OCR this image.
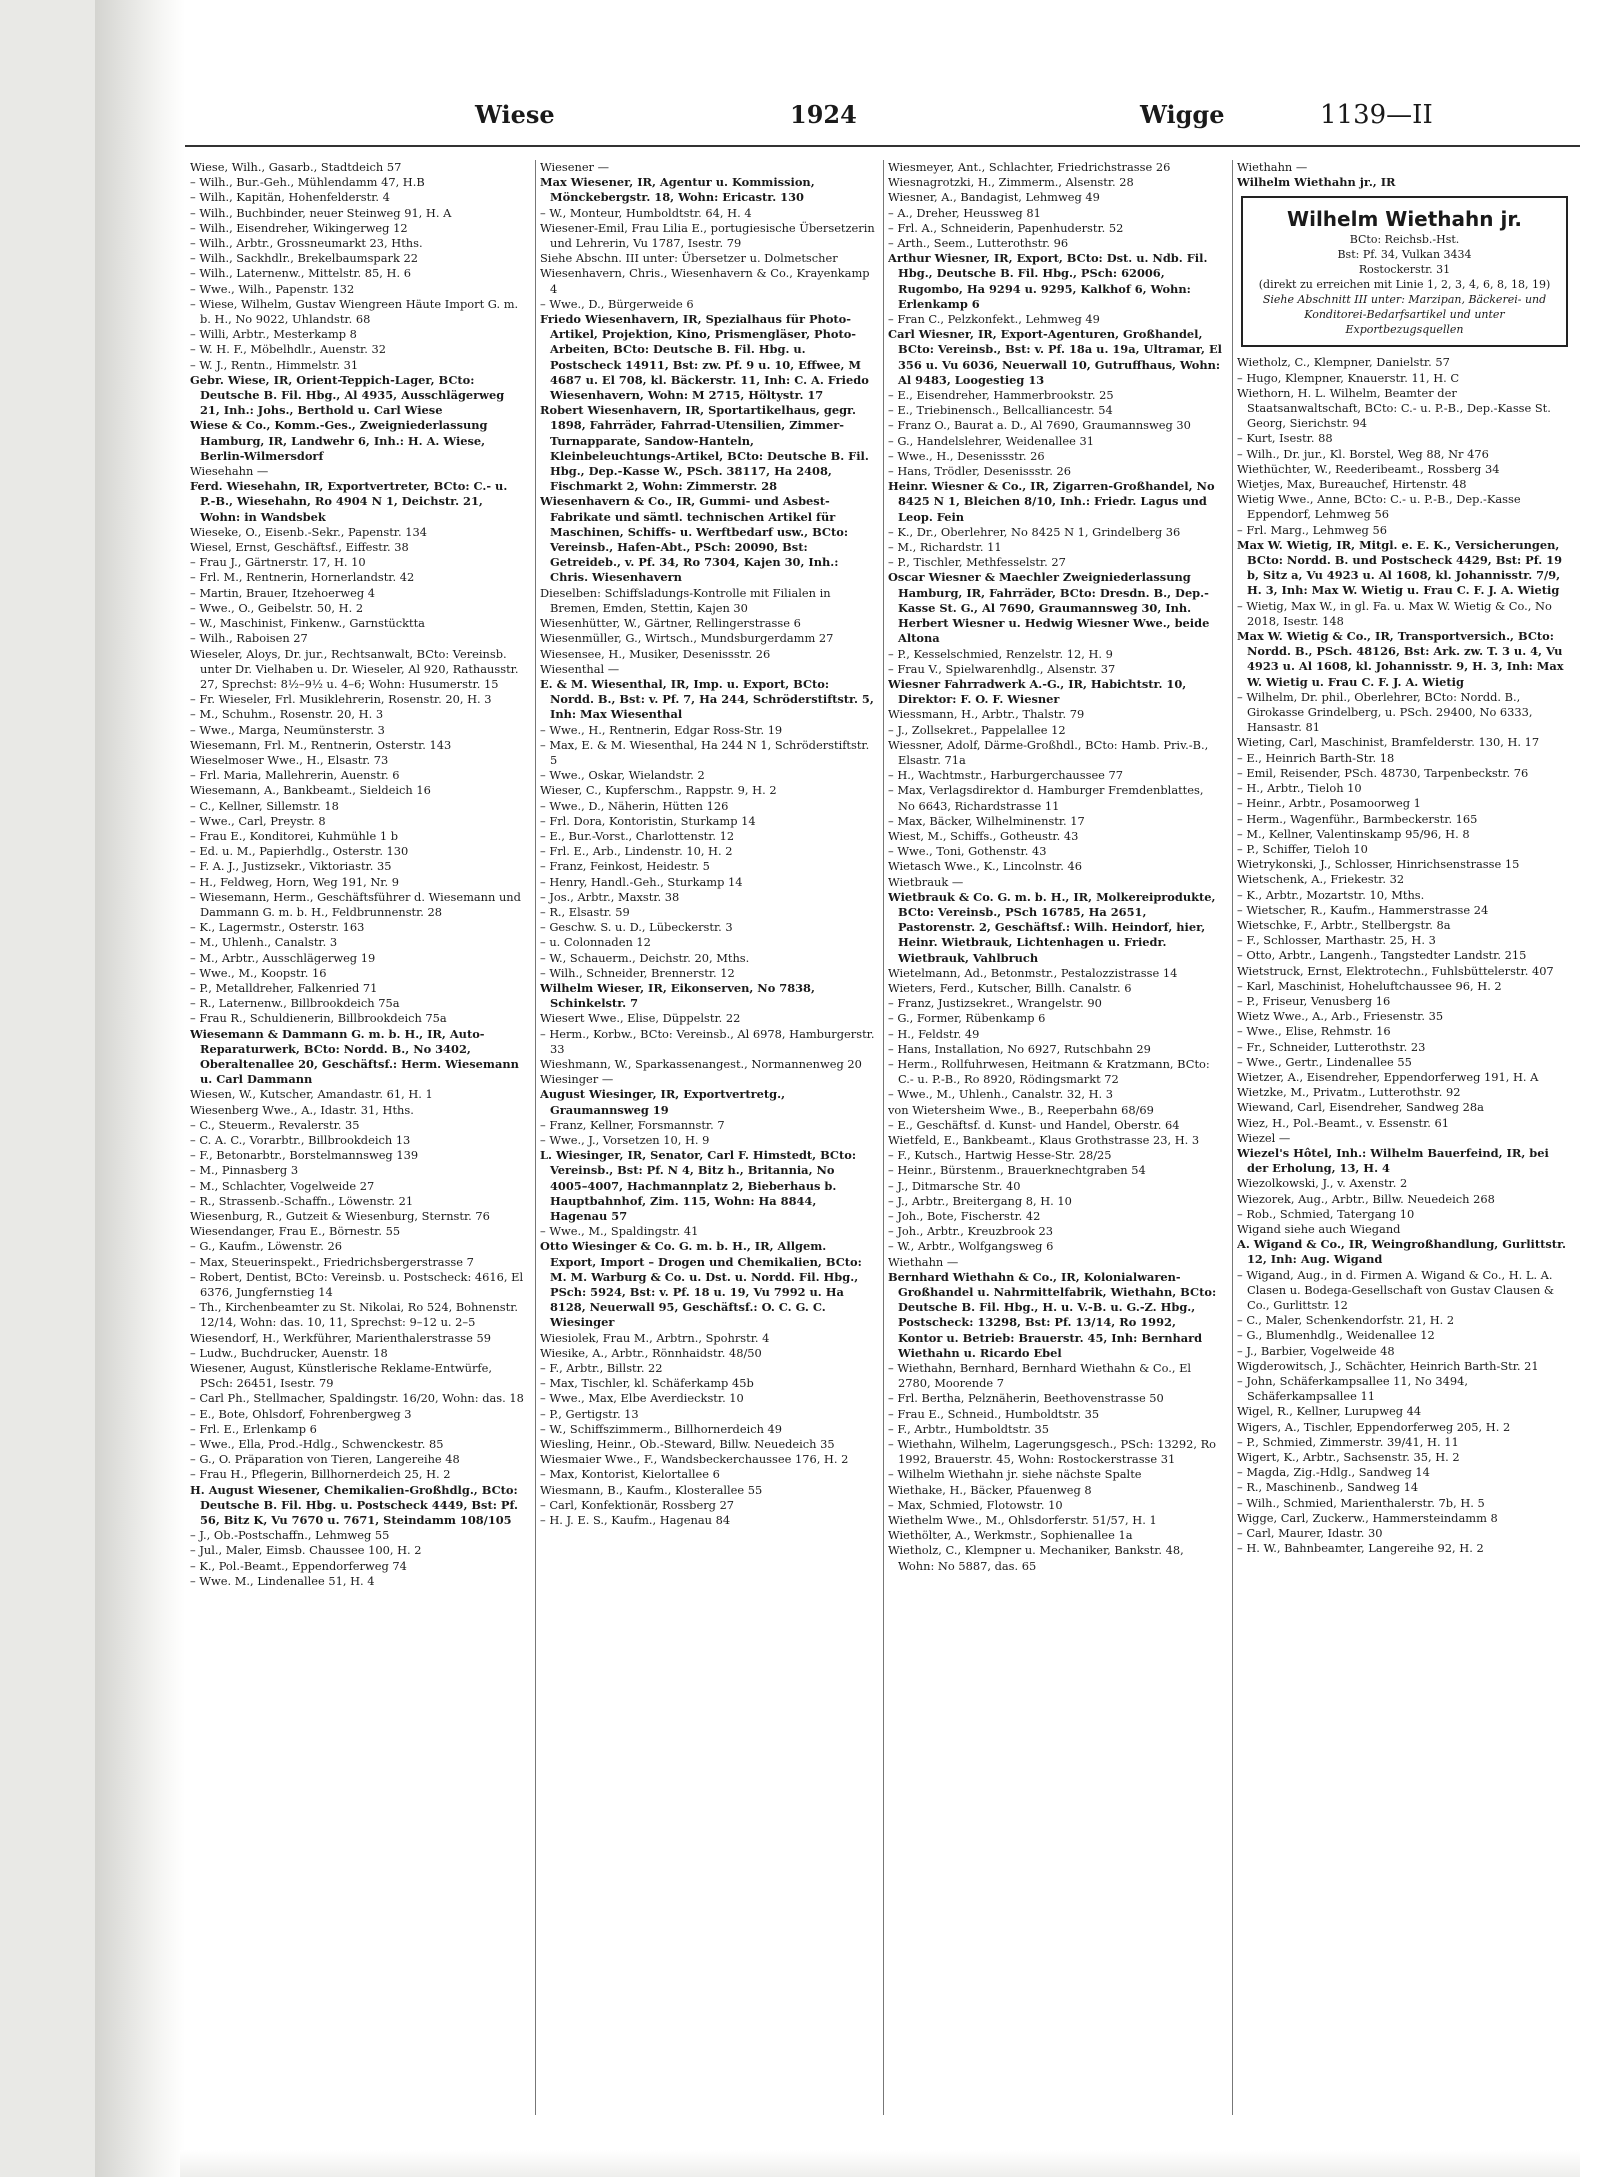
Wiese	1924	Wigge	1139—II

Wiese, Wilh., Gasarb., Stadtdeich 57

– Wilh., Bur.-Geh., Mühlendamm 47, H.B

– Wilh., Kapitän, Hohenfelderstr. 4

– Wilh., Buchbinder, neuer Steinweg 91, H. A

– Wilh., Eisendreher, Wikingerweg 12

– Wilh., Arbtr., Grossneumarkt 23, Hths.

– Wilh., Sackhdlr., Brekelbaumspark 22

– Wilh., Laternenw., Mittelstr. 85, H. 6

– Wwe., Wilh., Papenstr. 132

– Wiese, Wilhelm, Gustav Wiengreen Häute Import G. m. b. H., No 9022, Uhlandstr. 68

– Willi, Arbtr., Mesterkamp 8

– W. H. F., Möbelhdlr., Auenstr. 32

– W. J., Rentn., Himmelstr. 31

Gebr. Wiese, IR, Orient-Teppich-Lager, BCto: Deutsche B. Fil. Hbg., Al 4935, Ausschlägerweg 21, Inh.: Johs., Berthold u. Carl Wiese

Wiese & Co., Komm.-Ges., Zweigniederlassung Hamburg, IR, Landwehr 6, Inh.: H. A. Wiese, Berlin-Wilmersdorf

Wiesehahn —

Ferd. Wiesehahn, IR, Exportvertreter, BCto: C.- u. P.-B., Wiesehahn, Ro 4904 N 1, Deichstr. 21, Wohn: in Wandsbek

Wieseke, O., Eisenb.-Sekr., Papenstr. 134

Wiesel, Ernst, Geschäftsf., Eiffestr. 38

– Frau J., Gärtnerstr. 17, H. 10

– Frl. M., Rentnerin, Hornerlandstr. 42

– Martin, Brauer, Itzehoerweg 4

– Wwe., O., Geibelstr. 50, H. 2

– W., Maschinist, Finkenw., Garnstücktta

– Wilh., Raboisen 27

Wieseler, Aloys, Dr. jur., Rechtsanwalt, BCto: Vereinsb. unter Dr. Vielhaben u. Dr. Wieseler, Al 920, Rathausstr. 27, Sprechst: 8½–9½ u. 4–6; Wohn: Husumerstr. 15

– Fr. Wieseler, Frl. Musiklehrerin, Rosenstr. 20, H. 3

– M., Schuhm., Rosenstr. 20, H. 3

– Wwe., Marga, Neumünsterstr. 3

Wiesemann, Frl. M., Rentnerin, Osterstr. 143

Wieselmoser Wwe., H., Elsastr. 73

– Frl. Maria, Mallehrerin, Auenstr. 6

Wiesemann, A., Bankbeamt., Sieldeich 16

– C., Kellner, Sillemstr. 18

– Wwe., Carl, Preystr. 8

– Frau E., Konditorei, Kuhmühle 1 b

– Ed. u. M., Papierhdlg., Osterstr. 130

– F. A. J., Justizsekr., Viktoriastr. 35

– H., Feldweg, Horn, Weg 191, Nr. 9

– Wiesemann, Herm., Geschäftsführer d. Wiesemann und Dammann G. m. b. H., Feldbrunnenstr. 28

– K., Lagermstr., Osterstr. 163

– M., Uhlenh., Canalstr. 3

– M., Arbtr., Ausschlägerweg 19

– Wwe., M., Koopstr. 16

– P., Metalldreher, Falkenried 71

– R., Laternenw., Billbrookdeich 75a

– Frau R., Schuldienerin, Billbrookdeich 75a

Wiesemann & Dammann G. m. b. H., IR, Auto-Reparaturwerk, BCto: Nordd. B., No 3402, Oberaltenallee 20, Geschäftsf.: Herm. Wiesemann u. Carl Dammann

Wiesen, W., Kutscher, Amandastr. 61, H. 1

Wiesenberg Wwe., A., Idastr. 31, Hths.

– C., Steuerm., Revalerstr. 35

– C. A. C., Vorarbtr., Billbrookdeich 13

– F., Betonarbtr., Borstelmannsweg 139

– M., Pinnasberg 3

– M., Schlachter, Vogelweide 27

– R., Strassenb.-Schaffn., Löwenstr. 21

Wiesenburg, R., Gutzeit & Wiesenburg, Sternstr. 76

Wiesendanger, Frau E., Börnestr. 55

– G., Kaufm., Löwenstr. 26

– Max, Steuerinspekt., Friedrichsbergerstrasse 7

– Robert, Dentist, BCto: Vereinsb. u. Postscheck: 4616, El 6376, Jungfernstieg 14

– Th., Kirchenbeamter zu St. Nikolai, Ro 524, Bohnenstr. 12/14, Wohn: das. 10, 11, Sprechst: 9–12 u. 2–5

Wiesendorf, H., Werkführer, Marienthalerstrasse 59

– Ludw., Buchdrucker, Auenstr. 18

Wiesener, August, Künstlerische Reklame-Entwürfe, PSch: 26451, Isestr. 79

– Carl Ph., Stellmacher, Spaldingstr. 16/20, Wohn: das. 18

– E., Bote, Ohlsdorf, Fohrenbergweg 3

– Frl. E., Erlenkamp 6

– Wwe., Ella, Prod.-Hdlg., Schwenckestr. 85

– G., O. Präparation von Tieren, Langereihe 48

– Frau H., Pflegerin, Billhornerdeich 25, H. 2

H. August Wiesener, Chemikalien-Großhdlg., BCto: Deutsche B. Fil. Hbg. u. Postscheck 4449, Bst: Pf. 56, Bitz K, Vu 7670 u. 7671, Steindamm 108/105

– J., Ob.-Postschaffn., Lehmweg 55

– Jul., Maler, Eimsb. Chaussee 100, H. 2

– K., Pol.-Beamt., Eppendorferweg 74

– Wwe. M., Lindenallee 51, H. 4

Wiesener —

Max Wiesener, IR, Agentur u. Kommission, Mönckebergstr. 18, Wohn: Ericastr. 130

– W., Monteur, Humboldtstr. 64, H. 4

Wiesener-Emil, Frau Lilia E., portugiesische Übersetzerin und Lehrerin, Vu 1787, Isestr. 79

Siehe Abschn. III unter: Übersetzer u. Dolmetscher

Wiesenhavern, Chris., Wiesenhavern & Co., Krayenkamp 4

– Wwe., D., Bürgerweide 6

Friedo Wiesenhavern, IR, Spezialhaus für Photo-Artikel, Projektion, Kino, Prismengläser, Photo-Arbeiten, BCto: Deutsche B. Fil. Hbg. u. Postscheck 14911, Bst: zw. Pf. 9 u. 10, Effwee, M 4687 u. El 708, kl. Bäckerstr. 11, Inh: C. A. Friedo Wiesenhavern, Wohn: M 2715, Höltystr. 17

Robert Wiesenhavern, IR, Sportartikelhaus, gegr. 1898, Fahrräder, Fahrrad-Utensilien, Zimmer-Turnapparate, Sandow-Hanteln, Kleinbeleuchtungs-Artikel, BCto: Deutsche B. Fil. Hbg., Dep.-Kasse W., PSch. 38117, Ha 2408, Fischmarkt 2, Wohn: Zimmerstr. 28

Wiesenhavern & Co., IR, Gummi- und Asbest-Fabrikate und sämtl. technischen Artikel für Maschinen, Schiffs- u. Werftbedarf usw., BCto: Vereinsb., Hafen-Abt., PSch: 20090, Bst: Getreideb., v. Pf. 34, Ro 7304, Kajen 30, Inh.: Chris. Wiesenhavern

Dieselben: Schiffsladungs-Kontrolle mit Filialen in Bremen, Emden, Stettin, Kajen 30

Wiesenhütter, W., Gärtner, Rellingerstrasse 6

Wiesenmüller, G., Wirtsch., Mundsburgerdamm 27

Wiesensee, H., Musiker, Desenissstr. 26

Wiesenthal —

E. & M. Wiesenthal, IR, Imp. u. Export, BCto: Nordd. B., Bst: v. Pf. 7, Ha 244, Schröderstiftstr. 5, Inh: Max Wiesenthal

– Wwe., H., Rentnerin, Edgar Ross-Str. 19

– Max, E. & M. Wiesenthal, Ha 244 N 1, Schröderstiftstr. 5

– Wwe., Oskar, Wielandstr. 2

Wieser, C., Kupferschm., Rappstr. 9, H. 2

– Wwe., D., Näherin, Hütten 126

– Frl. Dora, Kontoristin, Sturkamp 14

– E., Bur.-Vorst., Charlottenstr. 12

– Frl. E., Arb., Lindenstr. 10, H. 2

– Franz, Feinkost, Heidestr. 5

– Henry, Handl.-Geh., Sturkamp 14

– Jos., Arbtr., Maxstr. 38

– R., Elsastr. 59

– Geschw. S. u. D., Lübeckerstr. 3

– u. Colonnaden 12

– W., Schauerm., Deichstr. 20, Mths.

– Wilh., Schneider, Brennerstr. 12

Wilhelm Wieser, IR, Eikonserven, No 7838, Schinkelstr. 7

Wiesert Wwe., Elise, Düppelstr. 22

– Herm., Korbw., BCto: Vereinsb., Al 6978, Hamburgerstr. 33

Wieshmann, W., Sparkassenangest., Normannenweg 20

Wiesinger —

August Wiesinger, IR, Exportvertretg., Graumannsweg 19

– Franz, Kellner, Forsmannstr. 7

– Wwe., J., Vorsetzen 10, H. 9

L. Wiesinger, IR, Senator, Carl F. Himstedt, BCto: Vereinsb., Bst: Pf. N 4, Bitz h., Britannia, No 4005–4007, Hachmannplatz 2, Bieberhaus b. Hauptbahnhof, Zim. 115, Wohn: Ha 8844, Hagenau 57

– Wwe., M., Spaldingstr. 41

Otto Wiesinger & Co. G. m. b. H., IR, Allgem. Export, Import – Drogen und Chemikalien, BCto: M. M. Warburg & Co. u. Dst. u. Nordd. Fil. Hbg., PSch: 5924, Bst: v. Pf. 18 u. 19, Vu 7992 u. Ha 8128, Neuerwall 95, Geschäftsf.: O. C. G. C. Wiesinger

Wiesiolek, Frau M., Arbtrn., Spohrstr. 4

Wiesike, A., Arbtr., Rönnhaidstr. 48/50

– F., Arbtr., Billstr. 22

– Max, Tischler, kl. Schäferkamp 45b

– Wwe., Max, Elbe Averdieckstr. 10

– P., Gertigstr. 13

– W., Schiffszimmerm., Billhornerdeich 49

Wiesling, Heinr., Ob.-Steward, Billw. Neuedeich 35

Wiesmaier Wwe., F., Wandsbeckerchaussee 176, H. 2

– Max, Kontorist, Kielortallee 6

Wiesmann, B., Kaufm., Klosterallee 55

– Carl, Konfektionär, Rossberg 27

– H. J. E. S., Kaufm., Hagenau 84

Wiesmeyer, Ant., Schlachter, Friedrichstrasse 26

Wiesnagrotzki, H., Zimmerm., Alsenstr. 28

Wiesner, A., Bandagist, Lehmweg 49

– A., Dreher, Heussweg 81

– Frl. A., Schneiderin, Papenhuderstr. 52

– Arth., Seem., Lutterothstr. 96

Arthur Wiesner, IR, Export, BCto: Dst. u. Ndb. Fil. Hbg., Deutsche B. Fil. Hbg., PSch: 62006, Rugombo, Ha 9294 u. 9295, Kalkhof 6, Wohn: Erlenkamp 6

– Fran C., Pelzkonfekt., Lehmweg 49

Carl Wiesner, IR, Export-Agenturen, Großhandel, BCto: Vereinsb., Bst: v. Pf. 18a u. 19a, Ultramar, El 356 u. Vu 6036, Neuerwall 10, Gutruffhaus, Wohn: Al 9483, Loogestieg 13

– E., Eisendreher, Hammerbrookstr. 25

– E., Triebinensch., Bellcalliancestr. 54

– Franz O., Baurat a. D., Al 7690, Graumannsweg 30

– G., Handelslehrer, Weidenallee 31

– Wwe., H., Desenissstr. 26

– Hans, Trödler, Desenissstr. 26

Heinr. Wiesner & Co., IR, Zigarren-Großhandel, No 8425 N 1, Bleichen 8/10, Inh.: Friedr. Lagus und Leop. Fein

– K., Dr., Oberlehrer, No 8425 N 1, Grindelberg 36

– M., Richardstr. 11

– P., Tischler, Methfesselstr. 27

Oscar Wiesner & Maechler Zweigniederlassung Hamburg, IR, Fahrräder, BCto: Dresdn. B., Dep.-Kasse St. G., Al 7690, Graumannsweg 30, Inh. Herbert Wiesner u. Hedwig Wiesner Wwe., beide Altona

– P., Kesselschmied, Renzelstr. 12, H. 9

– Frau V., Spielwarenhdlg., Alsenstr. 37

Wiesner Fahrradwerk A.-G., IR, Habichtstr. 10, Direktor: F. O. F. Wiesner

Wiessmann, H., Arbtr., Thalstr. 79

– J., Zollsekret., Pappelallee 12

Wiessner, Adolf, Därme-Großhdl., BCto: Hamb. Priv.-B., Elsastr. 71a

– H., Wachtmstr., Harburgerchaussee 77

– Max, Verlagsdirektor d. Hamburger Fremdenblattes, No 6643, Richardstrasse 11

– Max, Bäcker, Wilhelminenstr. 17

Wiest, M., Schiffs., Gotheustr. 43

– Wwe., Toni, Gothenstr. 43

Wietasch Wwe., K., Lincolnstr. 46

Wietbrauk —

Wietbrauk & Co. G. m. b. H., IR, Molkereiprodukte, BCto: Vereinsb., PSch 16785, Ha 2651, Pastorenstr. 2, Geschäftsf.: Wilh. Heindorf, hier, Heinr. Wietbrauk, Lichtenhagen u. Friedr. Wietbrauk, Vahlbruch

Wietelmann, Ad., Betonmstr., Pestalozzistrasse 14

Wieters, Ferd., Kutscher, Billh. Canalstr. 6

– Franz, Justizsekret., Wrangelstr. 90

– G., Former, Rübenkamp 6

– H., Feldstr. 49

– Hans, Installation, No 6927, Rutschbahn 29

– Herm., Rollfuhrwesen, Heitmann & Kratzmann, BCto: C.- u. P.-B., Ro 8920, Rödingsmarkt 72

– Wwe., M., Uhlenh., Canalstr. 32, H. 3

von Wietersheim Wwe., B., Reeperbahn 68/69

– E., Geschäftsf. d. Kunst- und Handel, Oberstr. 64

Wietfeld, E., Bankbeamt., Klaus Grothstrasse 23, H. 3

– F., Kutsch., Hartwig Hesse-Str. 28/25

– Heinr., Bürstenm., Brauerknechtgraben 54

– J., Ditmarsche Str. 40

– J., Arbtr., Breitergang 8, H. 10

– Joh., Bote, Fischerstr. 42

– Joh., Arbtr., Kreuzbrook 23

– W., Arbtr., Wolfgangsweg 6

Wiethahn —

Bernhard Wiethahn & Co., IR, Kolonialwaren-Großhandel u. Nahrmittelfabrik, Wiethahn, BCto: Deutsche B. Fil. Hbg., H. u. V.-B. u. G.-Z. Hbg., Postscheck: 13298, Bst: Pf. 13/14, Ro 1992, Kontor u. Betrieb: Brauerstr. 45, Inh: Bernhard Wiethahn u. Ricardo Ebel

– Wiethahn, Bernhard, Bernhard Wiethahn & Co., El 2780, Moorende 7

– Frl. Bertha, Pelznäherin, Beethovenstrasse 50

– Frau E., Schneid., Humboldtstr. 35

– F., Arbtr., Humboldtstr. 35

– Wiethahn, Wilhelm, Lagerungsgesch., PSch: 13292, Ro 1992, Brauerstr. 45, Wohn: Rostockerstrasse 31

– Wilhelm Wiethahn jr. siehe nächste Spalte

Wiethake, H., Bäcker, Pfauenweg 8

– Max, Schmied, Flotowstr. 10

Wiethelm Wwe., M., Ohlsdorferstr. 51/57, H. 1

Wiethölter, A., Werkmstr., Sophienallee 1a

Wietholz, C., Klempner u. Mechaniker, Bankstr. 48, Wohn: No 5887, das. 65

Wiethahn —

Wilhelm Wiethahn jr., IR

Wilhelm Wiethahn jr.
BCto: Reichsb.-Hst.
Bst: Pf. 34, Vulkan 3434
Rostockerstr. 31
(direkt zu erreichen mit Linie 1, 2, 3, 4, 6, 8, 18, 19)
Siehe Abschnitt III unter: Marzipan, Bäckerei- und Konditorei-Bedarfsartikel und unter Exportbezugsquellen

Wietholz, C., Klempner, Danielstr. 57

– Hugo, Klempner, Knauerstr. 11, H. C

Wiethorn, H. L. Wilhelm, Beamter der Staatsanwaltschaft, BCto: C.- u. P.-B., Dep.-Kasse St. Georg, Sierichstr. 94

– Kurt, Isestr. 88

– Wilh., Dr. jur., Kl. Borstel, Weg 88, Nr 476

Wiethüchter, W., Reederibeamt., Rossberg 34

Wietjes, Max, Bureauchef, Hirtenstr. 48

Wietig Wwe., Anne, BCto: C.- u. P.-B., Dep.-Kasse Eppendorf, Lehmweg 56

– Frl. Marg., Lehmweg 56

Max W. Wietig, IR, Mitgl. e. E. K., Versicherungen, BCto: Nordd. B. und Postscheck 4429, Bst: Pf. 19 b, Sitz a, Vu 4923 u. Al 1608, kl. Johannisstr. 7/9, H. 3, Inh: Max W. Wietig u. Frau C. F. J. A. Wietig

– Wietig, Max W., in gl. Fa. u. Max W. Wietig & Co., No 2018, Isestr. 148

Max W. Wietig & Co., IR, Transportversich., BCto: Nordd. B., PSch. 48126, Bst: Ark. zw. T. 3 u. 4, Vu 4923 u. Al 1608, kl. Johannisstr. 9, H. 3, Inh: Max W. Wietig u. Frau C. F. J. A. Wietig

– Wilhelm, Dr. phil., Oberlehrer, BCto: Nordd. B., Girokasse Grindelberg, u. PSch. 29400, No 6333, Hansastr. 81

Wieting, Carl, Maschinist, Bramfelderstr. 130, H. 17

– E., Heinrich Barth-Str. 18

– Emil, Reisender, PSch. 48730, Tarpenbeckstr. 76

– H., Arbtr., Tieloh 10

– Heinr., Arbtr., Posamoorweg 1

– Herm., Wagenführ., Barmbeckerstr. 165

– M., Kellner, Valentinskamp 95/96, H. 8

– P., Schiffer, Tieloh 10

Wietrykonski, J., Schlosser, Hinrichsenstrasse 15

Wietschenk, A., Friekestr. 32

– K., Arbtr., Mozartstr. 10, Mths.

– Wietscher, R., Kaufm., Hammerstrasse 24

Wietschke, F., Arbtr., Stellbergstr. 8a

– F., Schlosser, Marthastr. 25, H. 3

– Otto, Arbtr., Langenh., Tangstedter Landstr. 215

Wietstruck, Ernst, Elektrotechn., Fuhlsbüttelerstr. 407

– Karl, Maschinist, Hoheluftchaussee 96, H. 2

– P., Friseur, Venusberg 16

Wietz Wwe., A., Arb., Friesenstr. 35

– Wwe., Elise, Rehmstr. 16

– Fr., Schneider, Lutterothstr. 23

– Wwe., Gertr., Lindenallee 55

Wietzer, A., Eisendreher, Eppendorferweg 191, H. A

Wietzke, M., Privatm., Lutterothstr. 92

Wiewand, Carl, Eisendreher, Sandweg 28a

Wiez, H., Pol.-Beamt., v. Essenstr. 61

Wiezel —

Wiezel's Hôtel, Inh.: Wilhelm Bauerfeind, IR, bei der Erholung, 13, H. 4

Wiezolkowski, J., v. Axenstr. 2

Wiezorek, Aug., Arbtr., Billw. Neuedeich 268

– Rob., Schmied, Tatergang 10

Wigand siehe auch Wiegand

A. Wigand & Co., IR, Weingroßhandlung, Gurlittstr. 12, Inh: Aug. Wigand

– Wigand, Aug., in d. Firmen A. Wigand & Co., H. L. A. Clasen u. Bodega-Gesellschaft von Gustav Clausen & Co., Gurlittstr. 12

– C., Maler, Schenkendorfstr. 21, H. 2

– G., Blumenhdlg., Weidenallee 12

– J., Barbier, Vogelweide 48

Wigderowitsch, J., Schächter, Heinrich Barth-Str. 21

– John, Schäferkampsallee 11, No 3494, Schäferkampsallee 11

Wigel, R., Kellner, Lurupweg 44

Wigers, A., Tischler, Eppendorferweg 205, H. 2

– P., Schmied, Zimmerstr. 39/41, H. 11

Wigert, K., Arbtr., Sachsenstr. 35, H. 2

– Magda, Zig.-Hdlg., Sandweg 14

– R., Maschinenb., Sandweg 14

– Wilh., Schmied, Marienthalerstr. 7b, H. 5

Wigge, Carl, Zuckerw., Hammersteindamm 8

– Carl, Maurer, Idastr. 30

– H. W., Bahnbeamter, Langereihe 92, H. 2
